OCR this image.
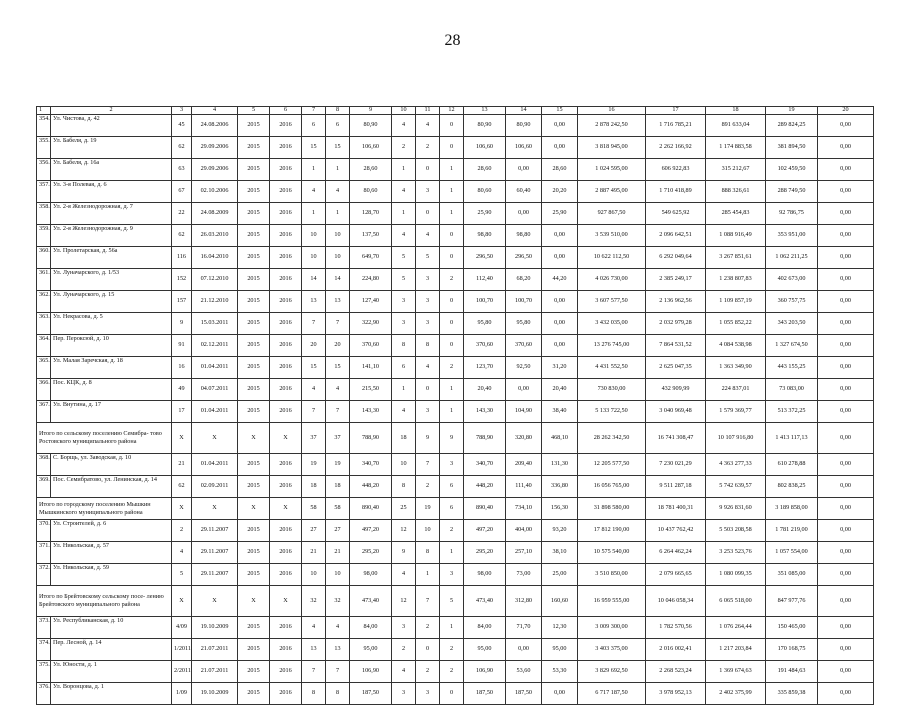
28
1	2	3	4	5	6	7	8	9	10	11	12	13	14	15	16	17	18	19	20
354.	Ул. Чистова, д. 42	45	24.08.2006	2015	2016	6	6	80,90	4	4	0	80,90	80,90	0,00	2 878 242,50	1 716 785,21	891 633,04	289 824,25	0,00
355.	Ул. Бабеля, д. 19	62	29.09.2006	2015	2016	15	15	106,60	2	2	0	106,60	106,60	0,00	3 818 945,00	2 262 166,92	1 174 883,58	381 894,50	0,00
356.	Ул. Бабеля, д. 16а	63	29.09.2006	2015	2016	1	1	28,60	1	0	1	28,60	0,00	28,60	1 024 595,00	606 922,83	315 212,67	102 459,50	0,00
357.	Ул. 3-я Полевая, д. 6	67	02.10.2006	2015	2016	4	4	80,60	4	3	1	80,60	60,40	20,20	2 887 495,00	1 710 418,89	888 326,61	288 749,50	0,00
358.	Ул. 2-я Железнодорожная, д. 7	22	24.08.2009	2015	2016	1	1	128,70	1	0	1	25,90	0,00	25,90	927 867,50	549 625,92	285 454,83	92 786,75	0,00
359.	Ул. 2-я Железнодорожная, д. 9	62	26.03.2010	2015	2016	10	10	137,50	4	4	0	98,80	98,80	0,00	3 539 510,00	2 096 642,51	1 088 916,49	353 951,00	0,00
360.	Ул. Пролетарская, д. 56а	116	16.04.2010	2015	2016	10	10	649,70	5	5	0	296,50	296,50	0,00	10 622 112,50	6 292 049,64	3 267 851,61	1 062 211,25	0,00
361.	Ул. Луначарского, д. 1/53	152	07.12.2010	2015	2016	14	14	224,80	5	3	2	112,40	68,20	44,20	4 026 730,00	2 385 249,17	1 238 807,83	402 673,00	0,00
362.	Ул. Луначарского, д. 15	157	21.12.2010	2015	2016	13	13	127,40	3	3	0	100,70	100,70	0,00	3 607 577,50	2 136 962,56	1 109 857,19	360 757,75	0,00
363.	Ул. Некрасова, д. 5	9	15.03.2011	2015	2016	7	7	322,90	3	3	0	95,80	95,80	0,00	3 432 035,00	2 032 979,28	1 055 852,22	343 203,50	0,00
364.	Пер. Пероксюй, д. 10	91	02.12.2011	2015	2016	20	20	370,60	8	8	0	370,60	370,60	0,00	13 276 745,00	7 864 531,52	4 084 538,98	1 327 674,50	0,00
365.	Ул. Малая Заречская, д. 18	16	01.04.2011	2015	2016	15	15	141,10	6	4	2	123,70	92,50	31,20	4 431 552,50	2 625 047,35	1 363 349,90	443 155,25	0,00
366.	Пос. КЦК, д. 8	49	04.07.2011	2015	2016	4	4	215,50	1	0	1	20,40	0,00	20,40	730 830,00	432 909,99	224 837,01	73 083,00	0,00
367.	Ул. Внутина, д. 17	17	01.04.2011	2015	2016	7	7	143,30	4	3	1	143,30	104,90	38,40	5 133 722,50	3 040 969,48	1 579 369,77	513 372,25	0,00
Итого по сельскому поселению Семибра- товo Ростовского муниципального района		Х	Х	Х	Х	37	37	788,90	18	9	9	788,90	320,80	468,10	28 262 342,50	16 741 308,47	10 107 916,80	1 413 117,13	0,00
368.	С. Борщь, ул. Заводская, д. 10	21	01.04.2011	2015	2016	19	19	340,70	10	7	3	340,70	209,40	131,30	12 205 577,50	7 230 021,29	4 363 277,33	610 278,88	0,00
369.	Пос. Семибратово, ул. Ленинская, д. 14	62	02.09.2011	2015	2016	18	18	448,20	8	2	6	448,20	111,40	336,80	16 056 765,00	9 511 287,18	5 742 639,57	802 838,25	0,00
Итого по городскому поселению Мышкин Мышкинского муниципального района		Х	Х	Х	Х	58	58	890,40	25	19	6	890,40	734,10	156,30	31 898 580,00	18 781 400,31	9 926 831,60	3 189 858,00	0,00
370.	Ул. Строителей, д. 6	2	29.11.2007	2015	2016	27	27	497,20	12	10	2	497,20	404,00	93,20	17 812 190,00	10 437 762,42	5 503 208,58	1 781 219,00	0,00
371.	Ул. Никольская, д. 57	4	29.11.2007	2015	2016	21	21	295,20	9	8	1	295,20	257,10	38,10	10 575 540,00	6 264 462,24	3 253 523,76	1 057 554,00	0,00
372.	Ул. Никольская, д. 59	5	29.11.2007	2015	2016	10	10	98,00	4	1	3	98,00	73,00	25,00	3 510 850,00	2 079 665,65	1 080 099,35	351 085,00	0,00
Итого по Брейтовскому сельскому посе- лению Брейтовского муниципального района		Х	Х	Х	Х	32	32	473,40	12	7	5	473,40	312,80	160,60	16 959 555,00	10 046 058,34	6 065 518,00	847 977,76	0,00
373.	Ул. Республиканская, д. 10	4/09	19.10.2009	2015	2016	4	4	84,00	3	2	1	84,00	71,70	12,30	3 009 300,00	1 782 570,56	1 076 264,44	150 465,00	0,00
374.	Пер. Лесной, д. 14	1/2011	21.07.2011	2015	2016	13	13	95,00	2	0	2	95,00	0,00	95,00	3 403 375,00	2 016 002,41	1 217 203,84	170 168,75	0,00
375.	Ул. Юности, д. 1	2/2011	21.07.2011	2015	2016	7	7	106,90	4	2	2	106,90	53,60	53,30	3 829 692,50	2 268 523,24	1 369 674,63	191 484,63	0,00
376.	Ул. Воронцова, д. 1	1/09	19.10.2009	2015	2016	8	8	187,50	3	3	0	187,50	187,50	0,00	6 717 187,50	3 978 952,13	2 402 375,99	335 859,38	0,00
